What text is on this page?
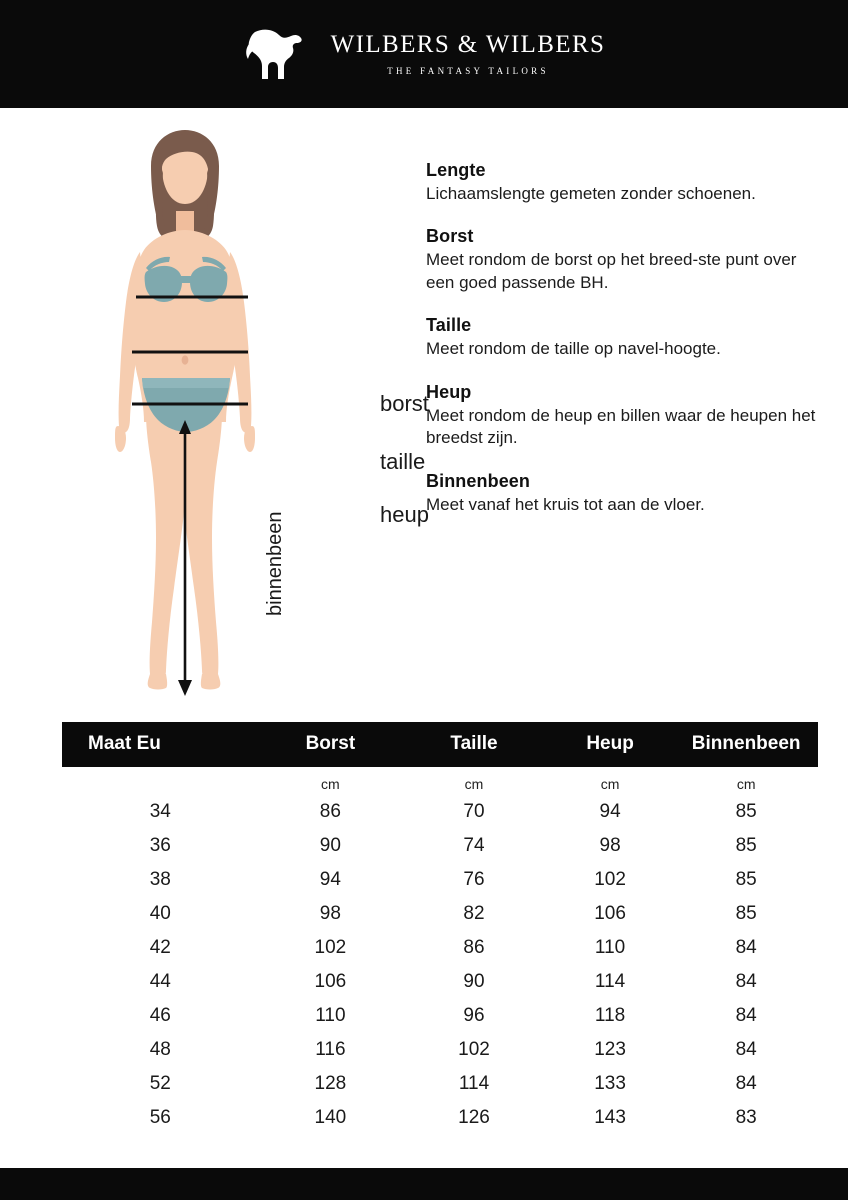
WILBERS & WILBERS
THE FANTASY TAILORS
borst
taille
heup
binnenbeen
Lengte

Lichaamslengte gemeten zonder schoenen.

Borst

Meet rondom de borst op het breed-ste punt over een goed passende BH.

Taille

Meet rondom de taille op navel-hoogte.

Heup

Meet rondom de heup en billen waar de heupen het breedst zijn.

Binnenbeen

Meet vanaf het kruis tot aan de vloer.

Maat Eu	Borst	Taille	Heup	Binnenbeen
	cm	cm	cm	cm
34	86	70	94	85
36	90	74	98	85
38	94	76	102	85
40	98	82	106	85
42	102	86	110	84
44	106	90	114	84
46	110	96	118	84
48	116	102	123	84
52	128	114	133	84
56	140	126	143	83
